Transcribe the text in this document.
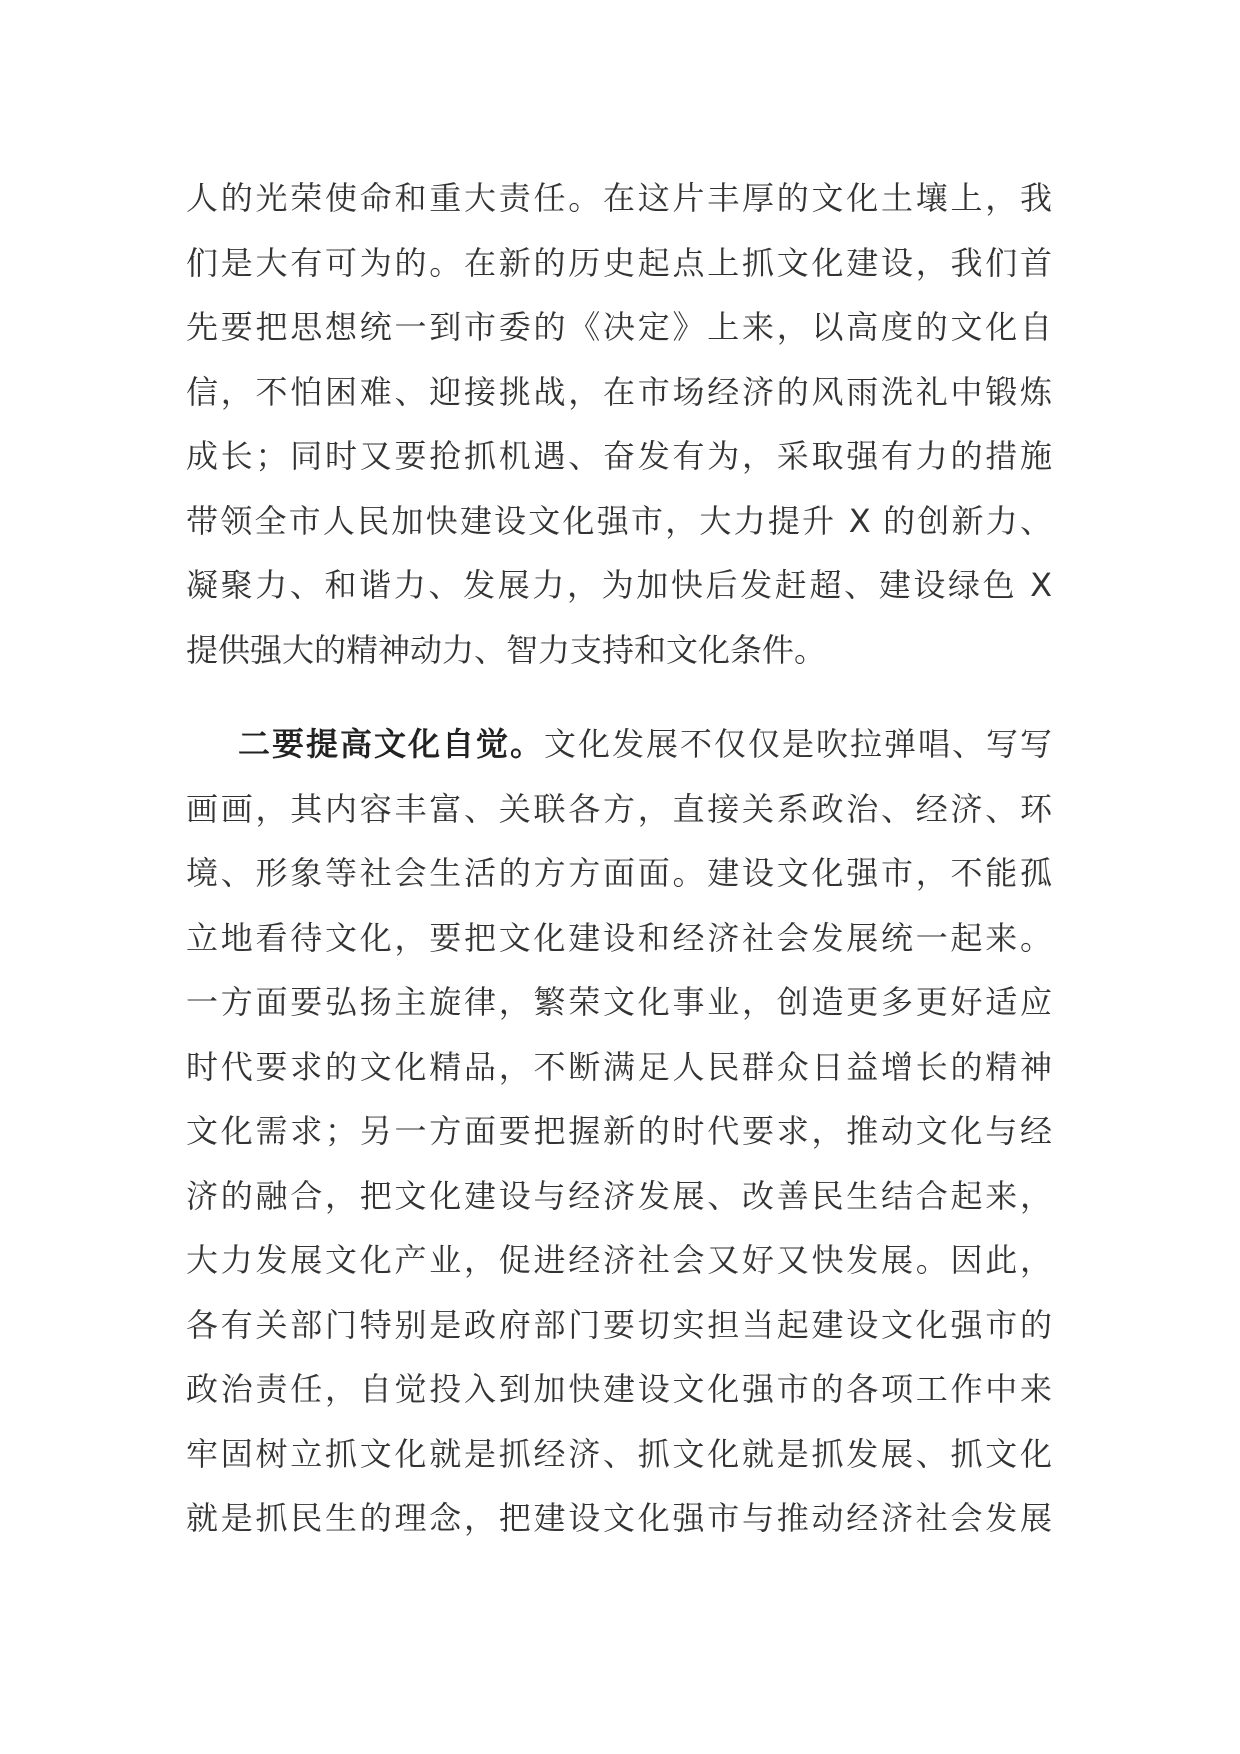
人的光荣使命和重大责任。在这片丰厚的文化土壤上，我
们是大有可为的。在新的历史起点上抓文化建设，我们首
先要把思想统一到市委的《决定》上来，以高度的文化自
信，不怕困难、迎接挑战，在市场经济的风雨洗礼中锻炼
成长；同时又要抢抓机遇、奋发有为，采取强有力的措施
带领全市人民加快建设文化强市，大力提升 X 的创新力、
凝聚力、和谐力、发展力，为加快后发赶超、建设绿色 X
提供强大的精神动力、智力支持和文化条件。
二要提高文化自觉。文化发展不仅仅是吹拉弹唱、写写
画画，其内容丰富、关联各方，直接关系政治、经济、环
境、形象等社会生活的方方面面。建设文化强市，不能孤
立地看待文化，要把文化建设和经济社会发展统一起来。
一方面要弘扬主旋律，繁荣文化事业，创造更多更好适应
时代要求的文化精品，不断满足人民群众日益增长的精神
文化需求；另一方面要把握新的时代要求，推动文化与经
济的融合，把文化建设与经济发展、改善民生结合起来，
大力发展文化产业，促进经济社会又好又快发展。因此，
各有关部门特别是政府部门要切实担当起建设文化强市的
政治责任，自觉投入到加快建设文化强市的各项工作中来
牢固树立抓文化就是抓经济、抓文化就是抓发展、抓文化
就是抓民生的理念，把建设文化强市与推动经济社会发展
